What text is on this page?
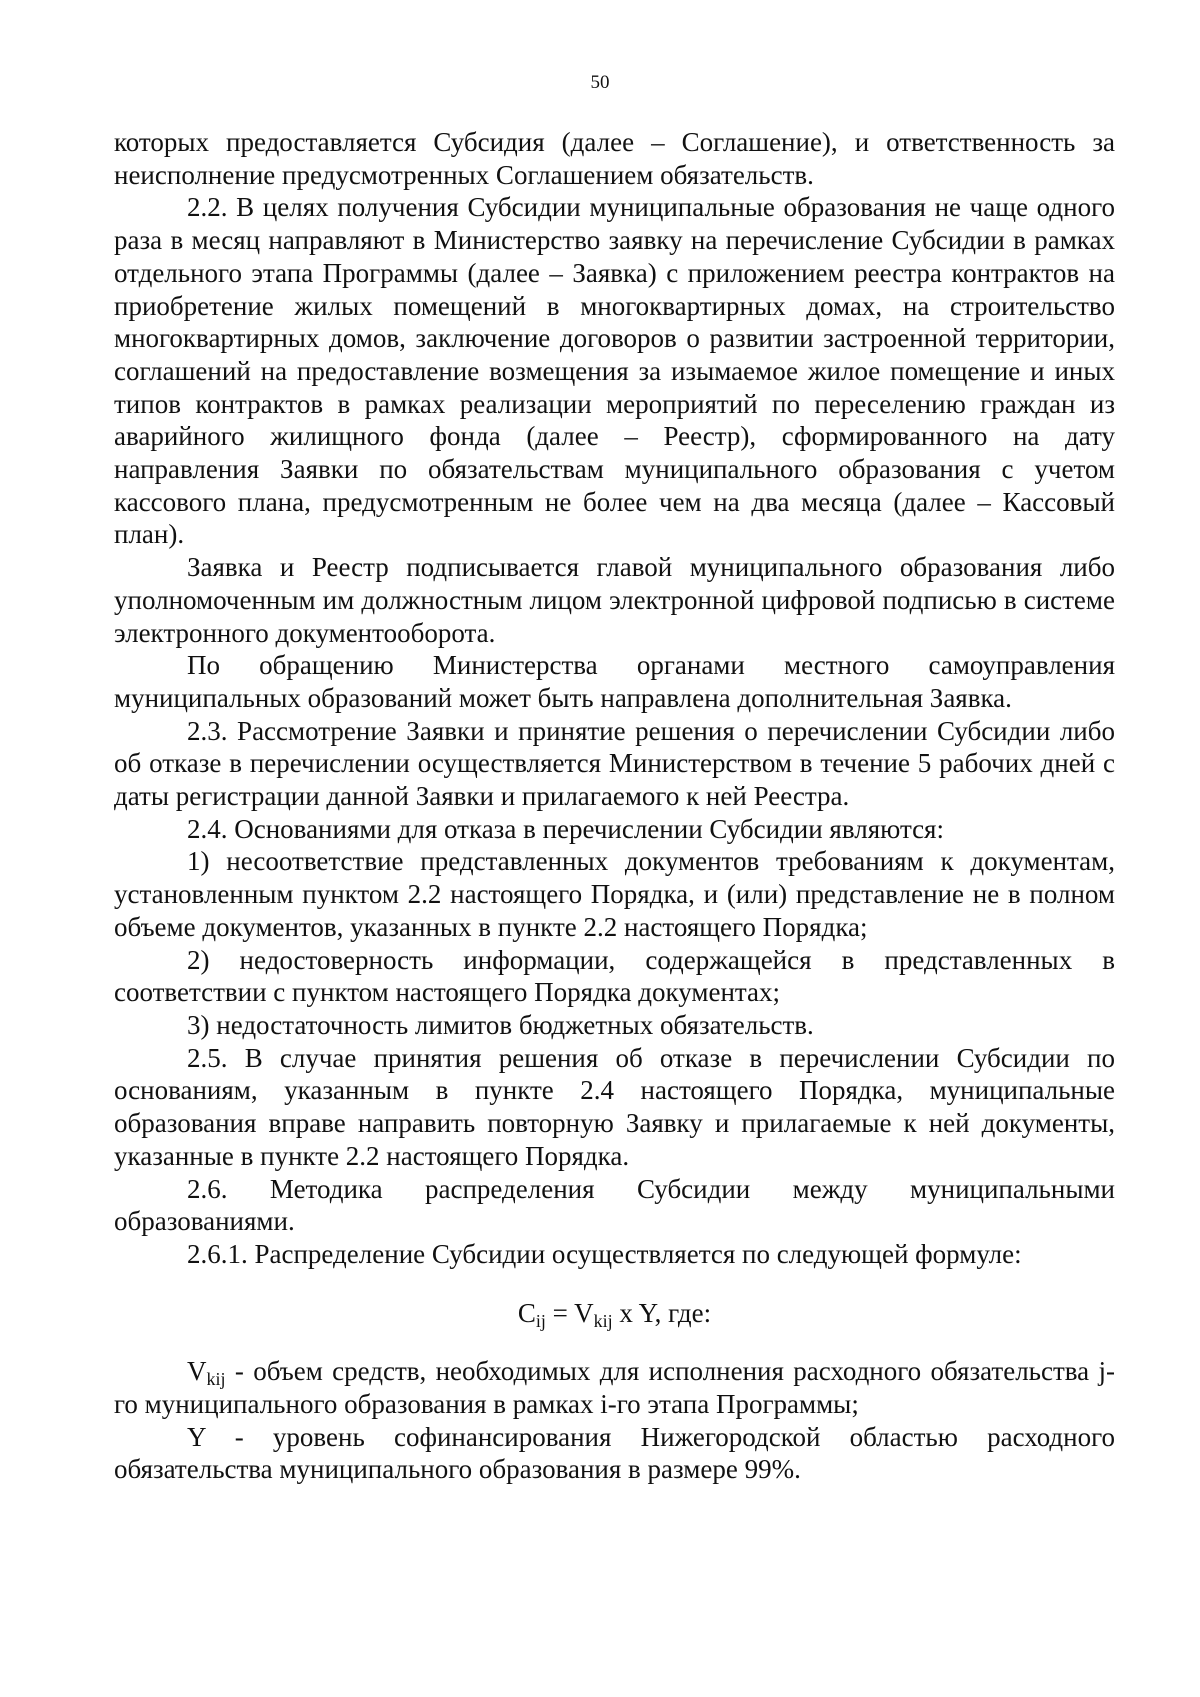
50

которых предоставляется Субсидия (далее – Соглашение), и ответственность за неисполнение предусмотренных Соглашением обязательств.

2.2. В целях получения Субсидии муниципальные образования не чаще одного раза в месяц направляют в Министерство заявку на перечисление Субсидии в рамках отдельного этапа Программы (далее – Заявка) с приложением реестра контрактов на приобретение жилых помещений в многоквартирных домах, на строительство многоквартирных домов, заключение договоров о развитии застроенной территории, соглашений на предоставление возмещения за изымаемое жилое помещение и иных типов контрактов в рамках реализации мероприятий по переселению граждан из аварийного жилищного фонда (далее – Реестр), сформированного на дату направления Заявки по обязательствам муниципального образования с учетом кассового плана, предусмотренным не более чем на два месяца (далее – Кассовый план).

Заявка и Реестр подписывается главой муниципального образования либо уполномоченным им должностным лицом электронной цифровой подписью в системе электронного документооборота.

По обращению Министерства органами местного самоуправления муниципальных образований может быть направлена дополнительная Заявка.

2.3. Рассмотрение Заявки и принятие решения о перечислении Субсидии либо об отказе в перечислении осуществляется Министерством в течение 5 рабочих дней с даты регистрации данной Заявки и прилагаемого к ней Реестра.

2.4. Основаниями для отказа в перечислении Субсидии являются:

1) несоответствие представленных документов требованиям к документам, установленным пунктом 2.2 настоящего Порядка, и (или) представление не в полном объеме документов, указанных в пункте 2.2 настоящего Порядка;

2) недостоверность информации, содержащейся в представленных в соответствии с пунктом настоящего Порядка документах;

3) недостаточность лимитов бюджетных обязательств.

2.5. В случае принятия решения об отказе в перечислении Субсидии по основаниям, указанным в пункте 2.4 настоящего Порядка, муниципальные образования вправе направить повторную Заявку и прилагаемые к ней документы, указанные в пункте 2.2 настоящего Порядка.

2.6. Методика распределения Субсидии между муниципальными образованиями.

2.6.1. Распределение Субсидии осуществляется по следующей формуле:

$C_{ij} = V_{kij}$ x Y, где:

$V_{kij}$ - объем средств, необходимых для исполнения расходного обязательства j-го муниципального образования в рамках i-го этапа Программы;

Y - уровень софинансирования Нижегородской областью расходного обязательства муниципального образования в размере 99%.
